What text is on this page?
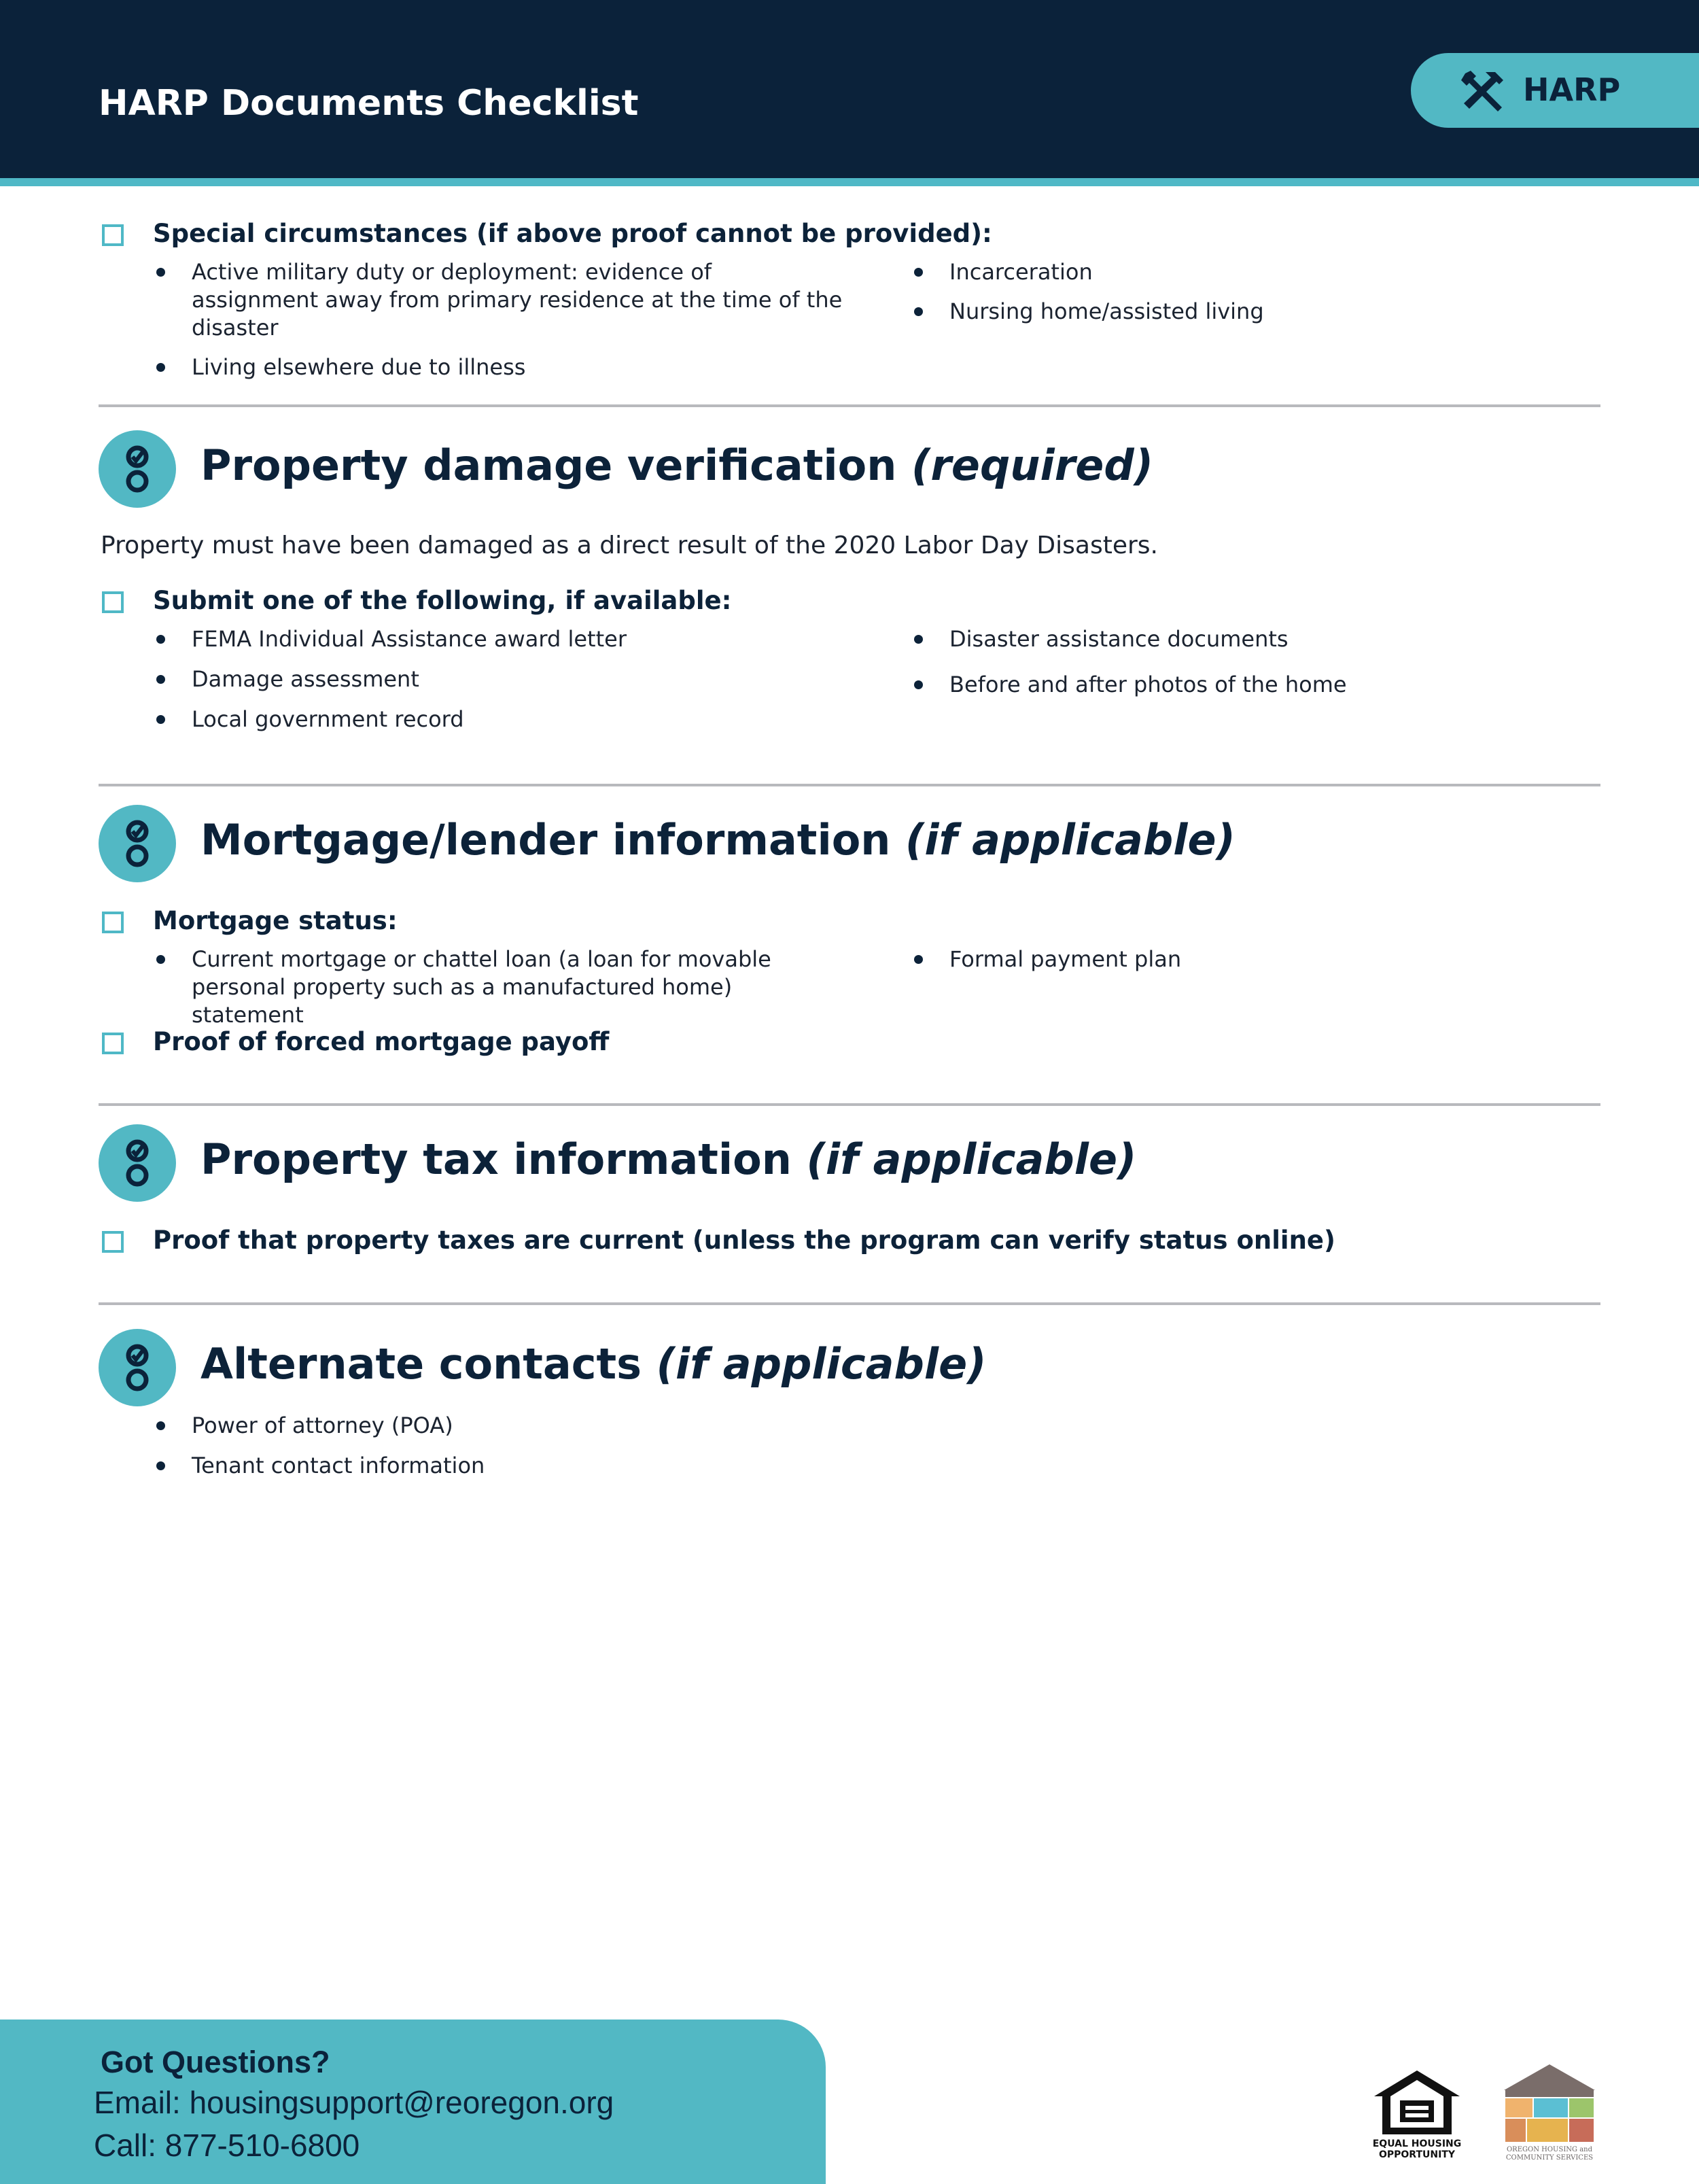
HARP Documents Checklist	HARP
Special circumstances (if above proof cannot be provided):
Active military duty or deployment: evidence of assignment away from primary residence at the time of the disaster
Living elsewhere due to illness
Incarceration
Nursing home/assisted living
Property damage verification (required)
Property must have been damaged as a direct result of the 2020 Labor Day Disasters.
Submit one of the following, if available:
FEMA Individual Assistance award letter
Damage assessment
Local government record
Disaster assistance documents
Before and after photos of the home
Mortgage/lender information (if applicable)
Mortgage status:
Current mortgage or chattel loan (a loan for movable personal property such as a manufactured home) statement
Formal payment plan
Proof of forced mortgage payoff
Property tax information (if applicable)
Proof that property taxes are current (unless the program can verify status online)
Alternate contacts (if applicable)
Power of attorney (POA)
Tenant contact information
Got Questions?
Email: housingsupport@reoregon.org
Call: 877-510-6800	EQUAL HOUSING
OPPORTUNITY	OREGON HOUSING and
COMMUNITY SERVICES
